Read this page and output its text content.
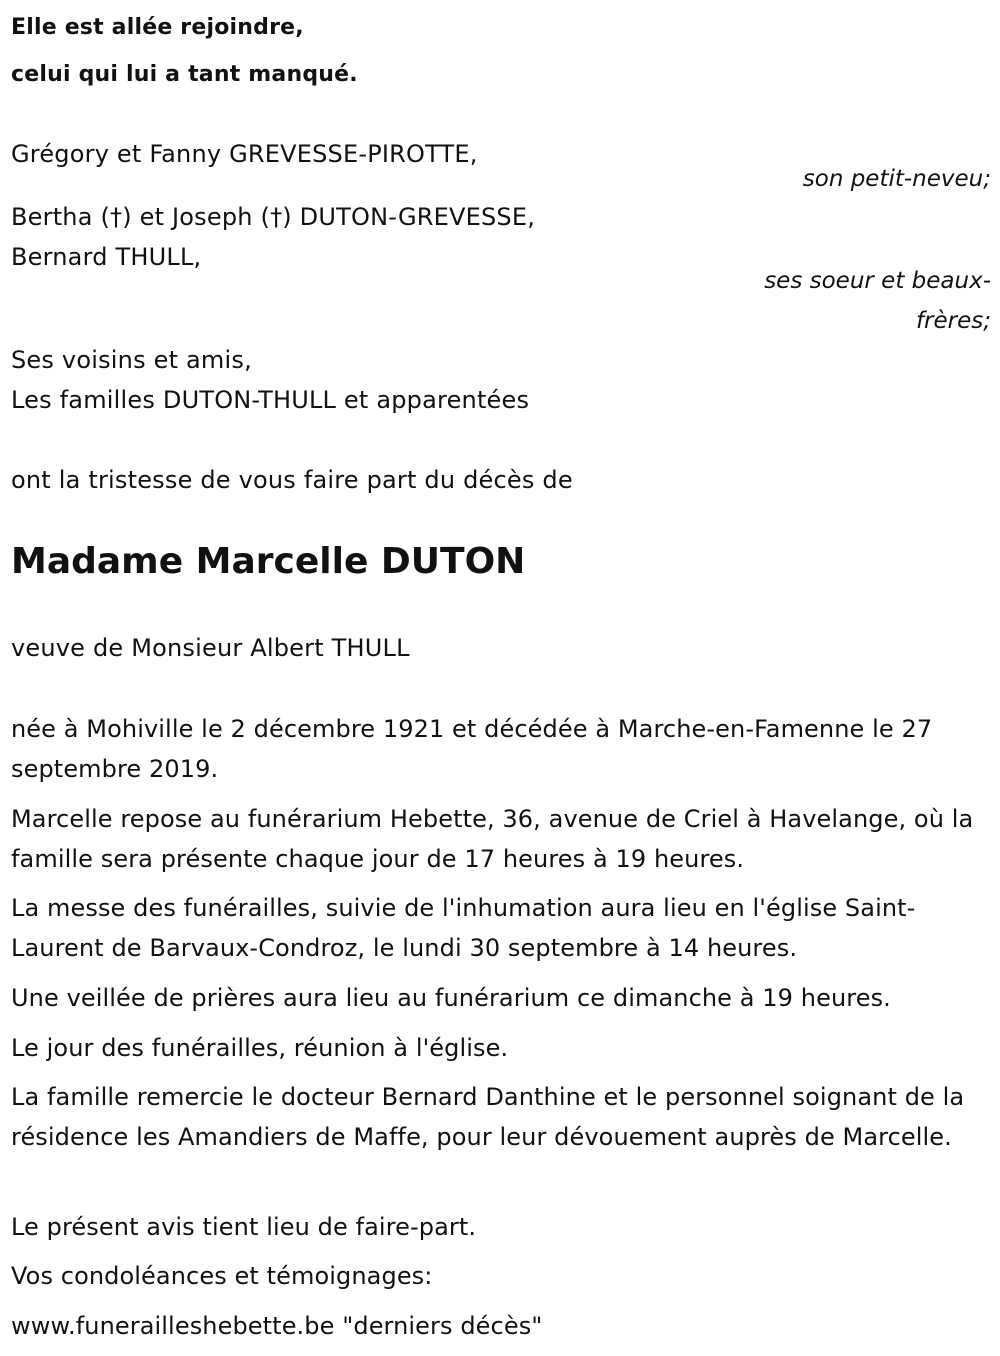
Elle est allée rejoindre,
celui qui lui a tant manqué.
Grégory et Fanny GREVESSE-PIROTTE,
son petit-neveu;
Bertha (†) et Joseph (†) DUTON-GREVESSE,
Bernard THULL,
ses soeur et beaux-
frères;
Ses voisins et amis,
Les familles DUTON-THULL et apparentées
ont la tristesse de vous faire part du décès de
Madame Marcelle DUTON
veuve de Monsieur Albert THULL
née à Mohiville le 2 décembre 1921 et décédée à Marche-en-Famenne le 27 septembre 2019.
Marcelle repose au funérarium Hebette, 36, avenue de Criel à Havelange, où la famille sera présente chaque jour de 17 heures à 19 heures.
La messe des funérailles, suivie de l'inhumation aura lieu en l'église Saint-Laurent de Barvaux-Condroz, le lundi 30 septembre à 14 heures.
Une veillée de prières aura lieu au funérarium ce dimanche à 19 heures.
Le jour des funérailles, réunion à l'église.
La famille remercie le docteur Bernard Danthine et le personnel soignant de la résidence les Amandiers de Maffe, pour leur dévouement auprès de Marcelle.
Le présent avis tient lieu de faire-part.
Vos condoléances et témoignages:
www.funerailleshebette.be "derniers décès"
